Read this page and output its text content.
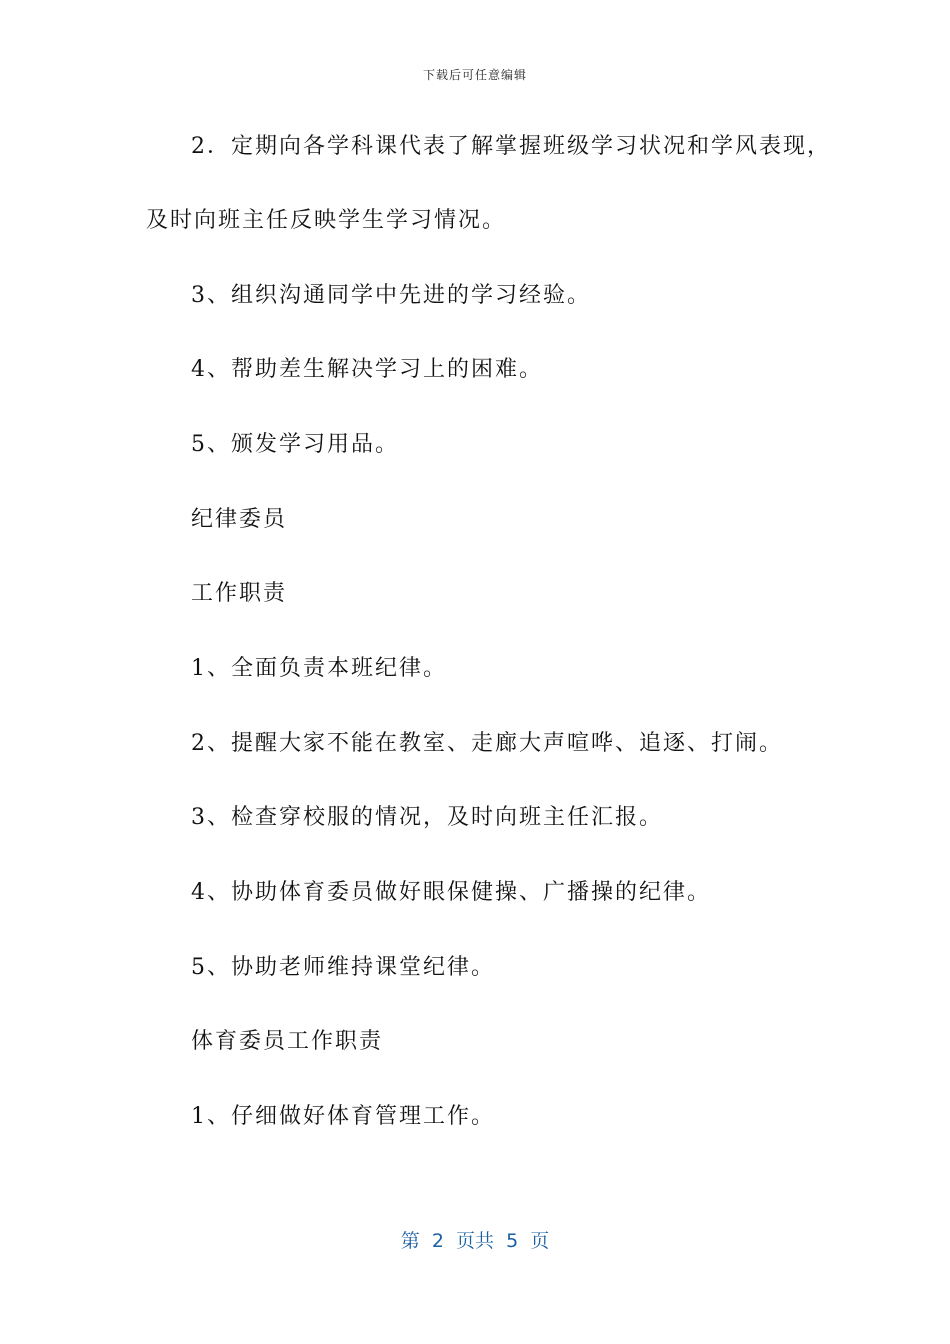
下载后可任意编辑
2．定期向各学科课代表了解掌握班级学习状况和学风表现，
及时向班主任反映学生学习情况。
3、组织沟通同学中先进的学习经验。
4、帮助差生解决学习上的困难。
5、颁发学习用品。
纪律委员
工作职责
1、全面负责本班纪律。
2、提醒大家不能在教室、走廊大声喧哗、追逐、打闹。
3、检查穿校服的情况，及时向班主任汇报。
4、协助体育委员做好眼保健操、广播操的纪律。
5、协助老师维持课堂纪律。
体育委员工作职责
1、仔细做好体育管理工作。
第  2  页共  5  页
